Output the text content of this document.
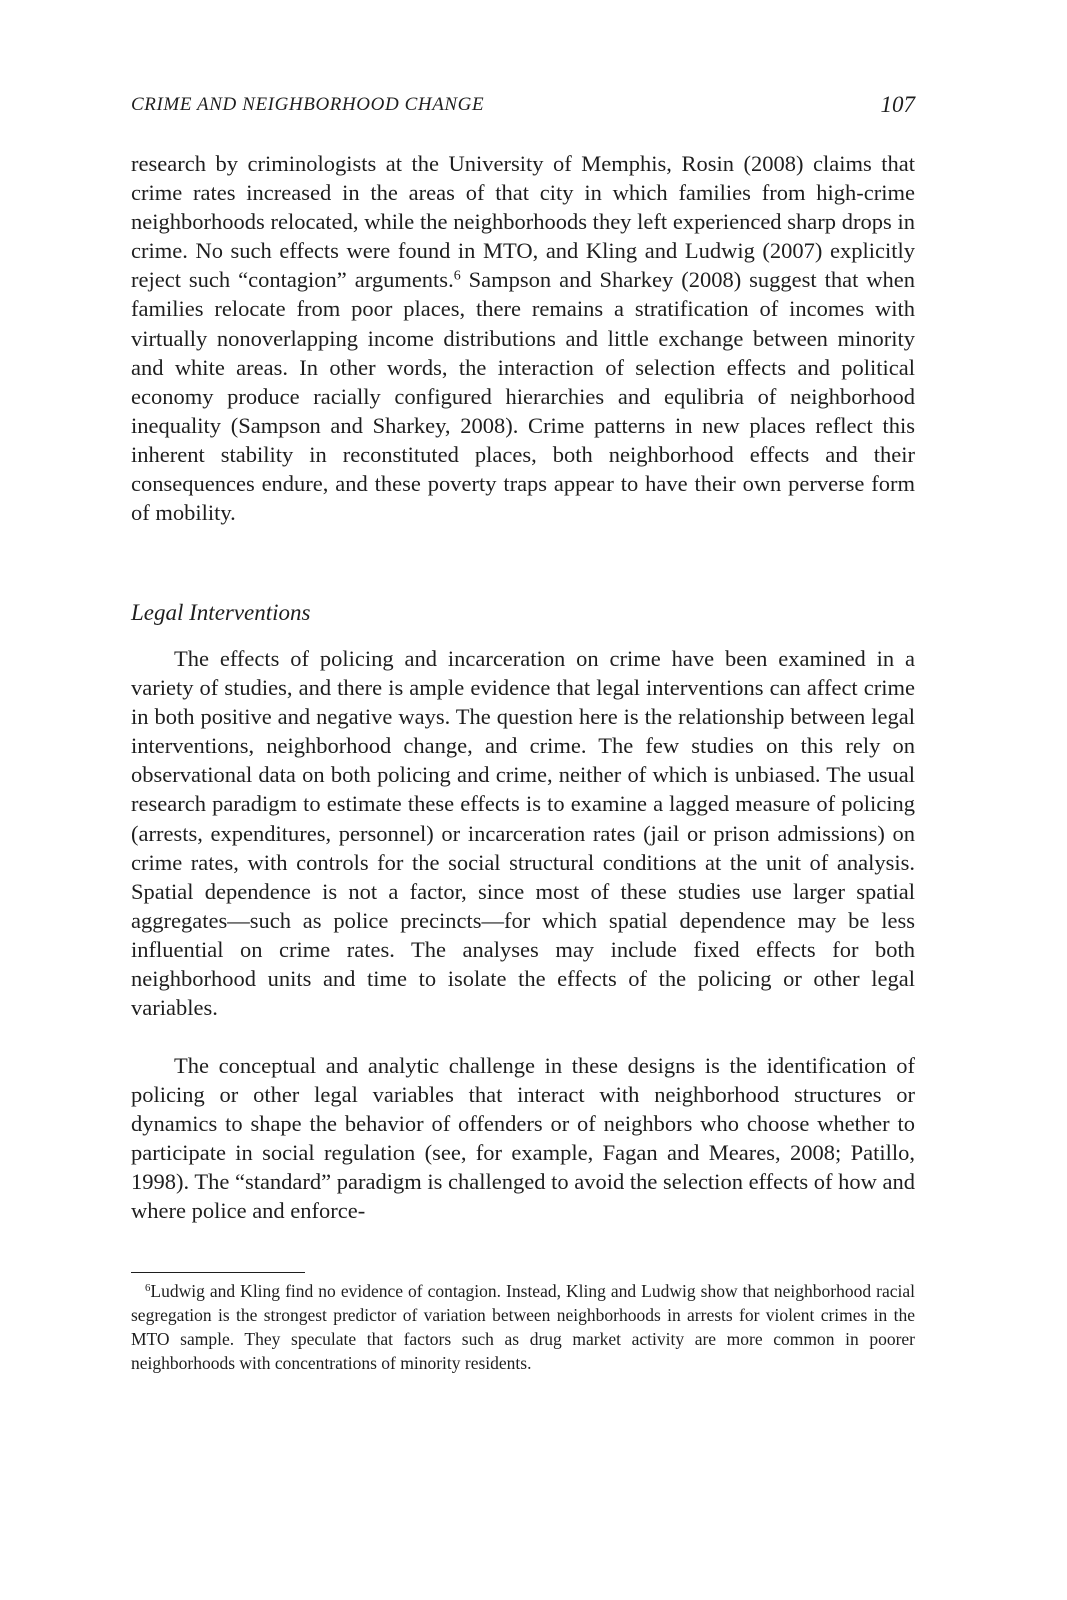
CRIME AND NEIGHBORHOOD CHANGE	107

research by criminologists at the University of Memphis, Rosin (2008) claims that crime rates increased in the areas of that city in which families from high-crime neighborhoods relocated, while the neighborhoods they left experienced sharp drops in crime. No such effects were found in MTO, and Kling and Ludwig (2007) explicitly reject such “contagion” arguments.$^6$ Sampson and Sharkey (2008) suggest that when families relocate from poor places, there remains a stratification of incomes with virtually nonoverlapping income distributions and little exchange between minority and white areas. In other words, the interaction of selection effects and political economy produce racially configured hierarchies and equlibria of neighborhood inequality (Sampson and Sharkey, 2008). Crime patterns in new places reflect this inherent stability in reconstituted places, both neighborhood effects and their consequences endure, and these poverty traps appear to have their own perverse form of mobility.

Legal Interventions

The effects of policing and incarceration on crime have been examined in a variety of studies, and there is ample evidence that legal interventions can affect crime in both positive and negative ways. The question here is the relationship between legal interventions, neighborhood change, and crime. The few studies on this rely on observational data on both policing and crime, neither of which is unbiased. The usual research paradigm to estimate these effects is to examine a lagged measure of policing (arrests, expenditures, personnel) or incarceration rates (jail or prison admissions) on crime rates, with controls for the social structural conditions at the unit of analysis. Spatial dependence is not a factor, since most of these studies use larger spatial aggregates—such as police precincts—for which spatial dependence may be less influential on crime rates. The analyses may include fixed effects for both neighborhood units and time to isolate the effects of the policing or other legal variables.

The conceptual and analytic challenge in these designs is the identification of policing or other legal variables that interact with neighborhood structures or dynamics to shape the behavior of offenders or of neighbors who choose whether to participate in social regulation (see, for example, Fagan and Meares, 2008; Patillo, 1998). The “standard” paradigm is challenged to avoid the selection effects of how and where police and enforce-

$^6$Ludwig and Kling find no evidence of contagion. Instead, Kling and Ludwig show that neighborhood racial segregation is the strongest predictor of variation between neighborhoods in arrests for violent crimes in the MTO sample. They speculate that factors such as drug market activity are more common in poorer neighborhoods with concentrations of minority residents.
